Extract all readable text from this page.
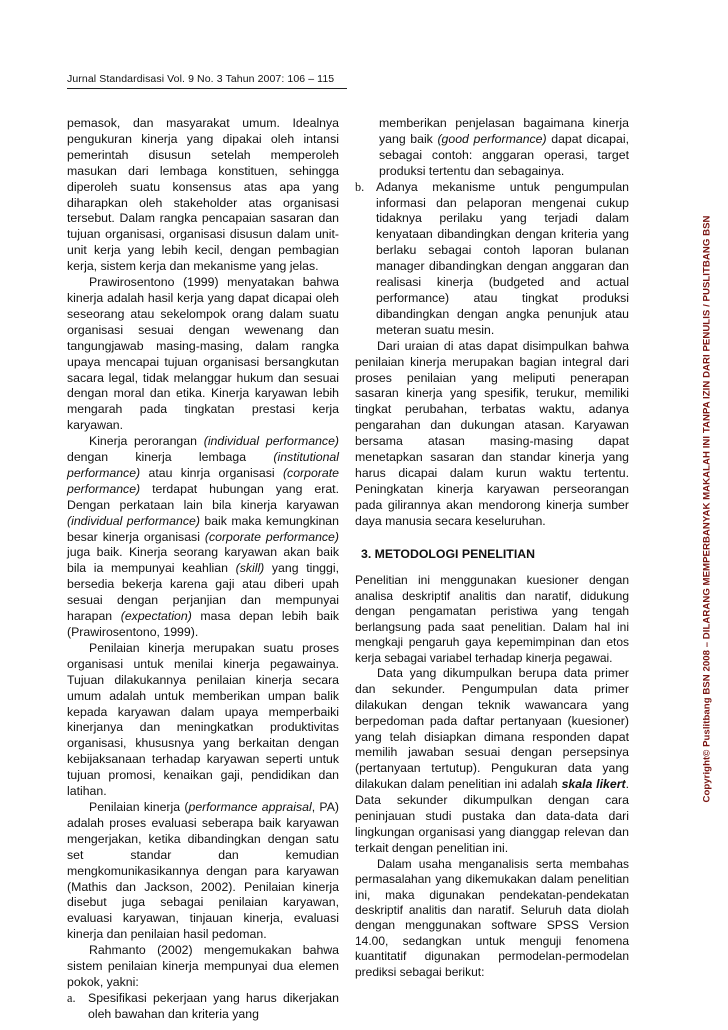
Jurnal Standardisasi Vol. 9 No. 3 Tahun 2007: 106 – 115

pemasok, dan masyarakat umum. Idealnya pengukuran kinerja yang dipakai oleh intansi pemerintah disusun setelah memperoleh masukan dari lembaga konstituen, sehingga diperoleh suatu konsensus atas apa yang diharapkan oleh stakeholder atas organisasi tersebut. Dalam rangka pencapaian sasaran dan tujuan organisasi, organisasi disusun dalam unit-unit kerja yang lebih kecil, dengan pembagian kerja, sistem kerja dan mekanisme yang jelas.

Prawirosentono (1999) menyatakan bahwa kinerja adalah hasil kerja yang dapat dicapai oleh seseorang atau sekelompok orang dalam suatu organisasi sesuai dengan wewenang dan tangungjawab masing-masing, dalam rangka upaya mencapai tujuan organisasi bersangkutan sacara legal, tidak melanggar hukum dan sesuai dengan moral dan etika. Kinerja karyawan lebih mengarah pada tingkatan prestasi kerja karyawan.

Kinerja perorangan (individual performance) dengan kinerja lembaga (institutional performance) atau kinrja organisasi (corporate performance) terdapat hubungan yang erat. Dengan perkataan lain bila kinerja karyawan (individual performance) baik maka kemungkinan besar kinerja organisasi (corporate performance) juga baik. Kinerja seorang karyawan akan baik bila ia mempunyai keahlian (skill) yang tinggi, bersedia bekerja karena gaji atau diberi upah sesuai dengan perjanjian dan mempunyai harapan (expectation) masa depan lebih baik (Prawirosentono, 1999).

Penilaian kinerja merupakan suatu proses organisasi untuk menilai kinerja pegawainya. Tujuan dilakukannya penilaian kinerja secara umum adalah untuk memberikan umpan balik kepada karyawan dalam upaya memperbaiki kinerjanya dan meningkatkan produktivitas organisasi, khususnya yang berkaitan dengan kebijaksanaan terhadap karyawan seperti untuk tujuan promosi, kenaikan gaji, pendidikan dan latihan.

Penilaian kinerja (performance appraisal, PA) adalah proses evaluasi seberapa baik karyawan mengerjakan, ketika dibandingkan dengan satu set standar dan kemudian mengkomunikasikannya dengan para karyawan (Mathis dan Jackson, 2002). Penilaian kinerja disebut juga sebagai penilaian karyawan, evaluasi karyawan, tinjauan kinerja, evaluasi kinerja dan penilaian hasil pedoman.

Rahmanto (2002) mengemukakan bahwa sistem penilaian kinerja mempunyai dua elemen pokok, yakni:

a.	Spesifikasi pekerjaan yang harus dikerjakan oleh bawahan dan kriteria yang
memberikan penjelasan bagaimana kinerja yang baik (good performance) dapat dicapai, sebagai contoh: anggaran operasi, target produksi tertentu dan sebagainya.
b. Adanya mekanisme untuk pengumpulan informasi dan pelaporan mengenai cukup tidaknya perilaku yang terjadi dalam kenyataan dibandingkan dengan kriteria yang berlaku sebagai contoh laporan bulanan manager dibandingkan dengan anggaran dan realisasi kinerja (budgeted and actual performance) atau tingkat produksi dibandingkan dengan angka penunjuk atau meteran suatu mesin.

Dari uraian di atas dapat disimpulkan bahwa penilaian kinerja merupakan bagian integral dari proses penilaian yang meliputi penerapan sasaran kinerja yang spesifik, terukur, memiliki tingkat perubahan, terbatas waktu, adanya pengarahan dan dukungan atasan. Karyawan bersama atasan masing-masing dapat menetapkan sasaran dan standar kinerja yang harus dicapai dalam kurun waktu tertentu. Peningkatan kinerja karyawan perseorangan pada gilirannya akan mendorong kinerja sumber daya manusia secara keseluruhan.

3. METODOLOGI PENELITIAN

Penelitian ini menggunakan kuesioner dengan analisa deskriptif analitis dan naratif, didukung dengan pengamatan peristiwa yang tengah berlangsung pada saat penelitian. Dalam hal ini mengkaji pengaruh gaya kepemimpinan dan etos kerja sebagai variabel terhadap kinerja pegawai.

Data yang dikumpulkan berupa data primer dan sekunder. Pengumpulan data primer dilakukan dengan teknik wawancara yang berpedoman pada daftar pertanyaan (kuesioner) yang telah disiapkan dimana responden dapat memilih jawaban sesuai dengan persepsinya (pertanyaan tertutup). Pengukuran data yang dilakukan dalam penelitian ini adalah skala likert. Data sekunder dikumpulkan dengan cara peninjauan studi pustaka dan data-data dari lingkungan organisasi yang dianggap relevan dan terkait dengan penelitian ini.

Dalam usaha menganalisis serta membahas permasalahan yang dikemukakan dalam penelitian ini, maka digunakan pendekatan-pendekatan deskriptif analitis dan naratif. Seluruh data diolah dengan menggunakan software SPSS Version 14.00, sedangkan untuk menguji fenomena kuantitatif digunakan permodelan-permodelan prediksi sebagai berikut:

Copyright© Puslitbang BSN 2008 – DILARANG MEMPERBANYAK MAKALAH INI TANPA IZIN DARI PENULIS / PUSLITBANG BSN
